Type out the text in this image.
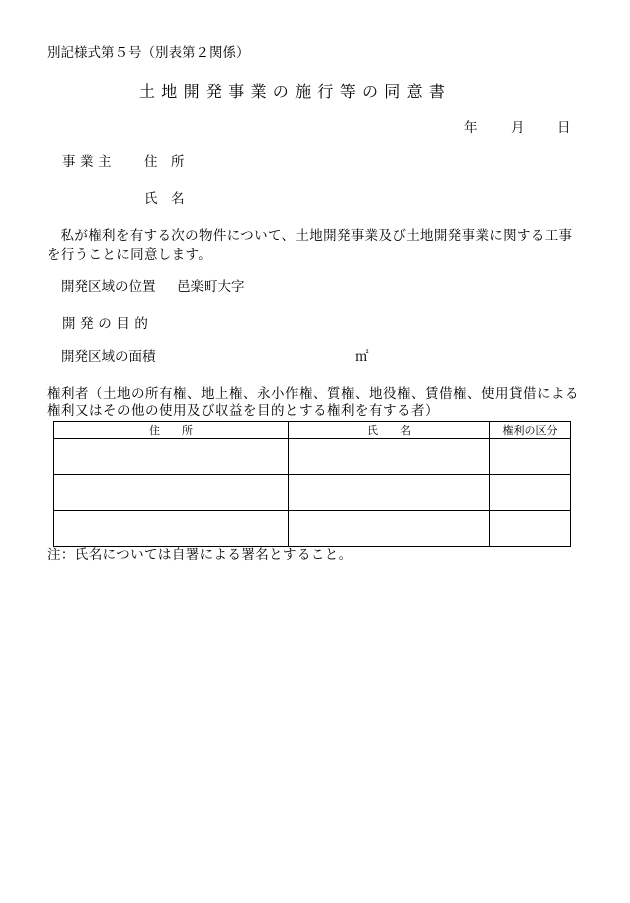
別記様式第５号（別表第２関係）
土地開発事業の施行等の同意書
年 月 日
事業主 住　所
氏　名
私が権利を有する次の物件について、土地開発事業及び土地開発事業に関する工事を行うことに同意します。
開発区域の位置 邑楽町大字
開発の目的
開発区域の面積	㎡
権利者（土地の所有権、地上権、永小作権、質権、地役権、賃借権、使用貸借による権利又はその他の使用及び収益を目的とする権利を有する者）
住　　所	氏　　名	権利の区分

注：氏名については自署による署名とすること。
